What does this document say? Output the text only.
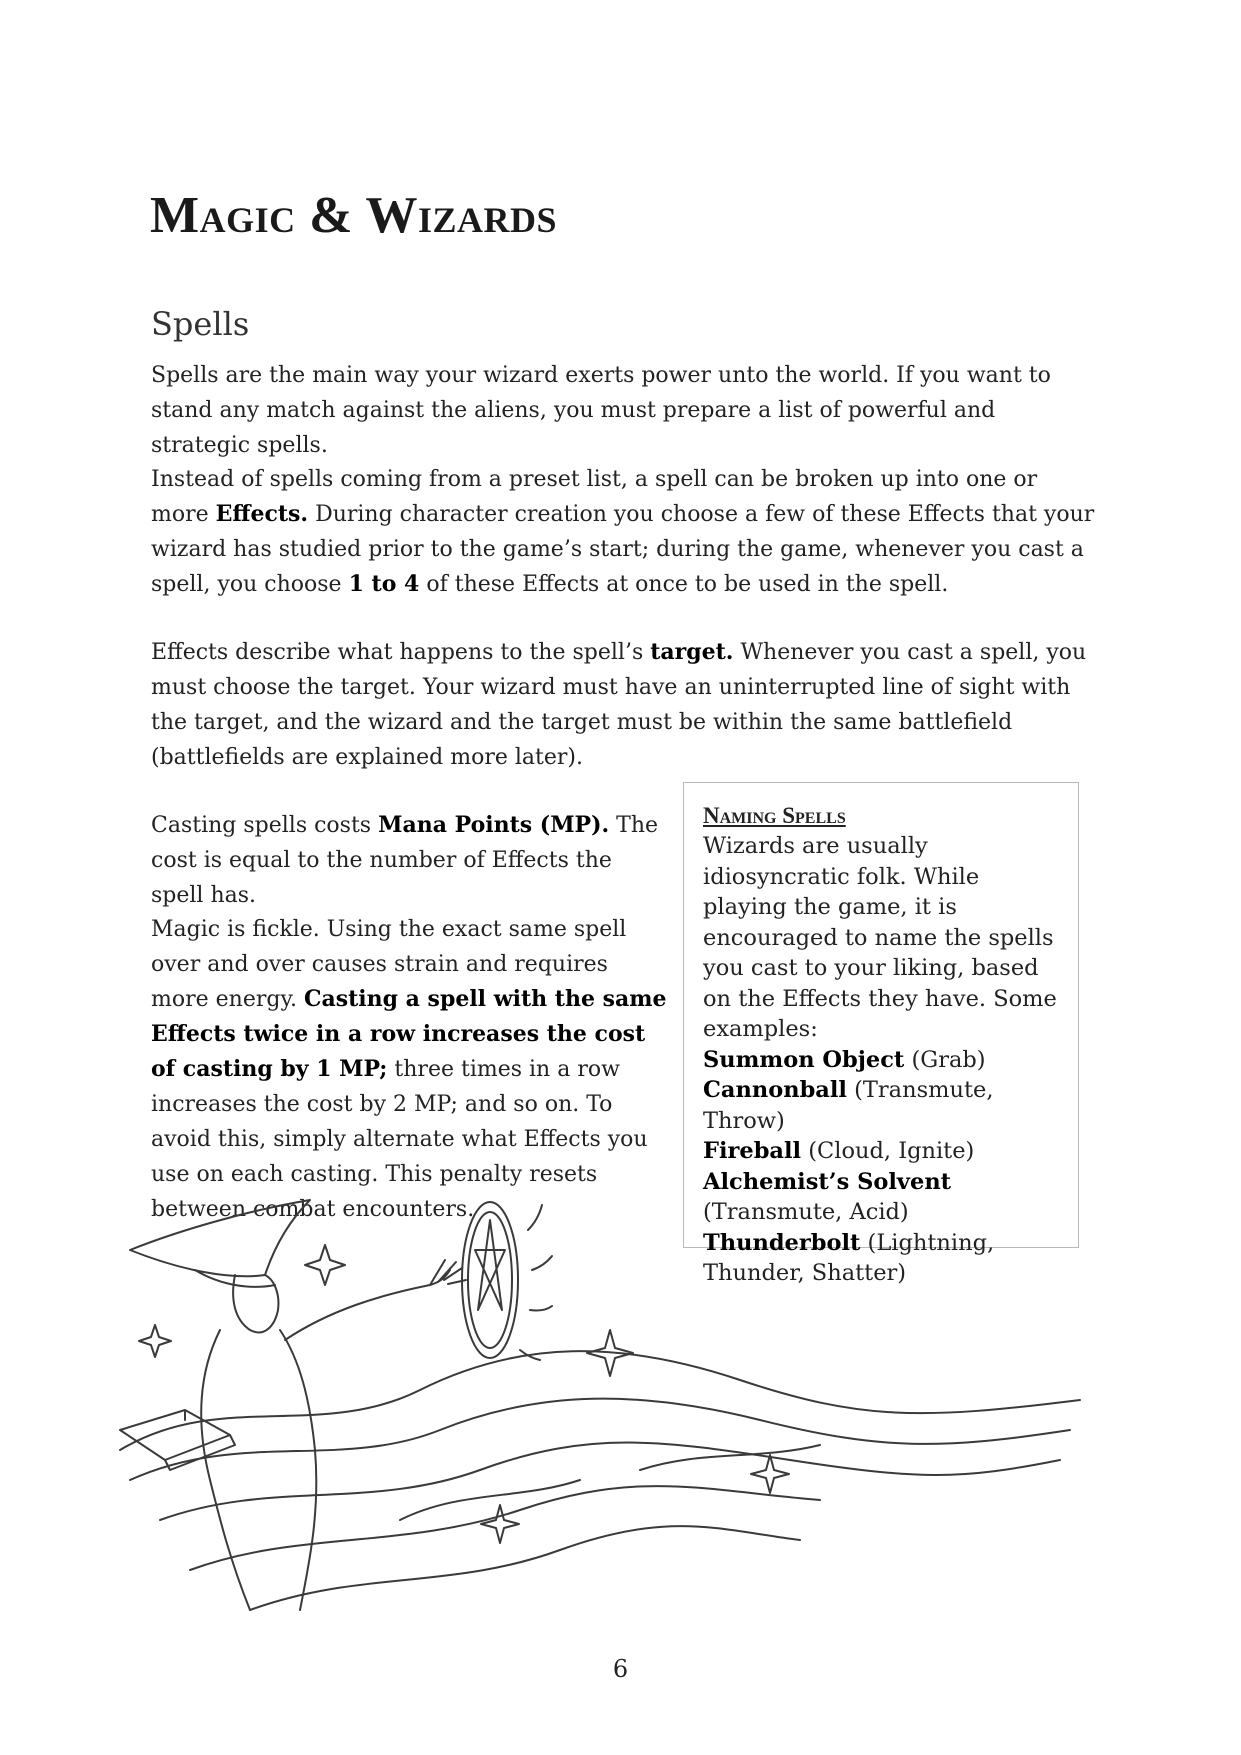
Magic & Wizards
Spells

Spells are the main way your wizard exerts power unto the world. If you want to stand any match against the aliens, you must prepare a list of powerful and strategic spells.

Instead of spells coming from a preset list, a spell can be broken up into one or more Effects. During character creation you choose a few of these Effects that your wizard has studied prior to the game’s start; during the game, whenever you cast a spell, you choose 1 to 4 of these Effects at once to be used in the spell.

Effects describe what happens to the spell’s target. Whenever you cast a spell, you must choose the target. Your wizard must have an uninterrupted line of sight with the target, and the wizard and the target must be within the same battlefield (battlefields are explained more later).

Casting spells costs Mana Points (MP). The cost is equal to the number of Effects the spell has.

Magic is fickle. Using the exact same spell over and over causes strain and requires more energy. Casting a spell with the same Effects twice in a row increases the cost of casting by 1 MP; three times in a row increases the cost by 2 MP; and so on. To avoid this, simply alternate what Effects you use on each casting. This penalty resets between combat encounters.

Naming Spells

Wizards are usually idiosyncratic folk. While playing the game, it is encouraged to name the spells you cast to your liking, based on the Effects they have. Some examples:

Summon Object (Grab)

Cannonball (Transmute, Throw)

Fireball (Cloud, Ignite)

Alchemist’s Solvent (Transmute, Acid)

Thunderbolt (Lightning, Thunder, Shatter)

6
